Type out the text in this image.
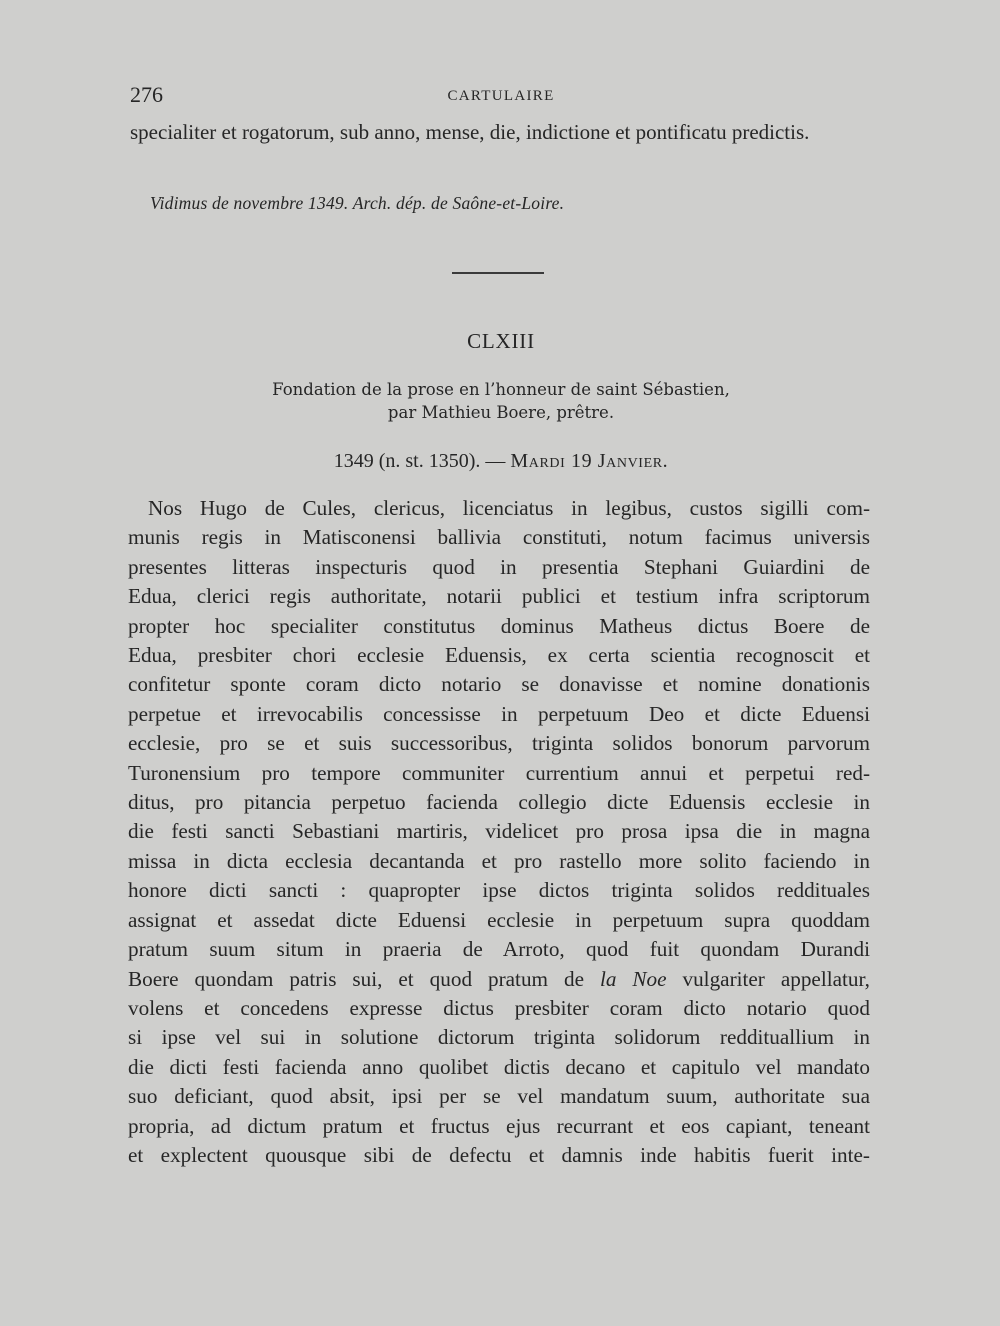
276	CARTULAIRE
specialiter et rogatorum, sub anno, mense, die, indictione et pontificatu predictis.
Vidimus de novembre 1349. Arch. dép. de Saône-et-Loire.
CLXIII
Fondation de la prose en l’honneur de saint Sébastien,
par Mathieu Boere, prêtre.
1349 (n. st. 1350). — Mardi 19 Janvier.
Nos Hugo de Cules, clericus, licenciatus in legibus, custos sigilli com-
munis regis in Matisconensi ballivia constituti, notum facimus universis
presentes litteras inspecturis quod in presentia Stephani Guiardini de
Edua, clerici regis authoritate, notarii publici et testium infra scriptorum
propter hoc specialiter constitutus dominus Matheus dictus Boere de
Edua, presbiter chori ecclesie Eduensis, ex certa scientia recognoscit et
confitetur sponte coram dicto notario se donavisse et nomine donationis
perpetue et irrevocabilis concessisse in perpetuum Deo et dicte Eduensi
ecclesie, pro se et suis successoribus, triginta solidos bonorum parvorum
Turonensium pro tempore communiter currentium annui et perpetui red-
ditus, pro pitancia perpetuo facienda collegio dicte Eduensis ecclesie in
die festi sancti Sebastiani martiris, videlicet pro prosa ipsa die in magna
missa in dicta ecclesia decantanda et pro rastello more solito faciendo in
honore dicti sancti : quapropter ipse dictos triginta solidos reddituales
assignat et assedat dicte Eduensi ecclesie in perpetuum supra quoddam
pratum suum situm in praeria de Arroto, quod fuit quondam Durandi
Boere quondam patris sui, et quod pratum de la Noe vulgariter appellatur,
volens et concedens expresse dictus presbiter coram dicto notario quod
si ipse vel sui in solutione dictorum triginta solidorum reddituallium in
die dicti festi facienda anno quolibet dictis decano et capitulo vel mandato
suo deficiant, quod absit, ipsi per se vel mandatum suum, authoritate sua
propria, ad dictum pratum et fructus ejus recurrant et eos capiant, teneant
et explectent quousque sibi de defectu et damnis inde habitis fuerit inte-
